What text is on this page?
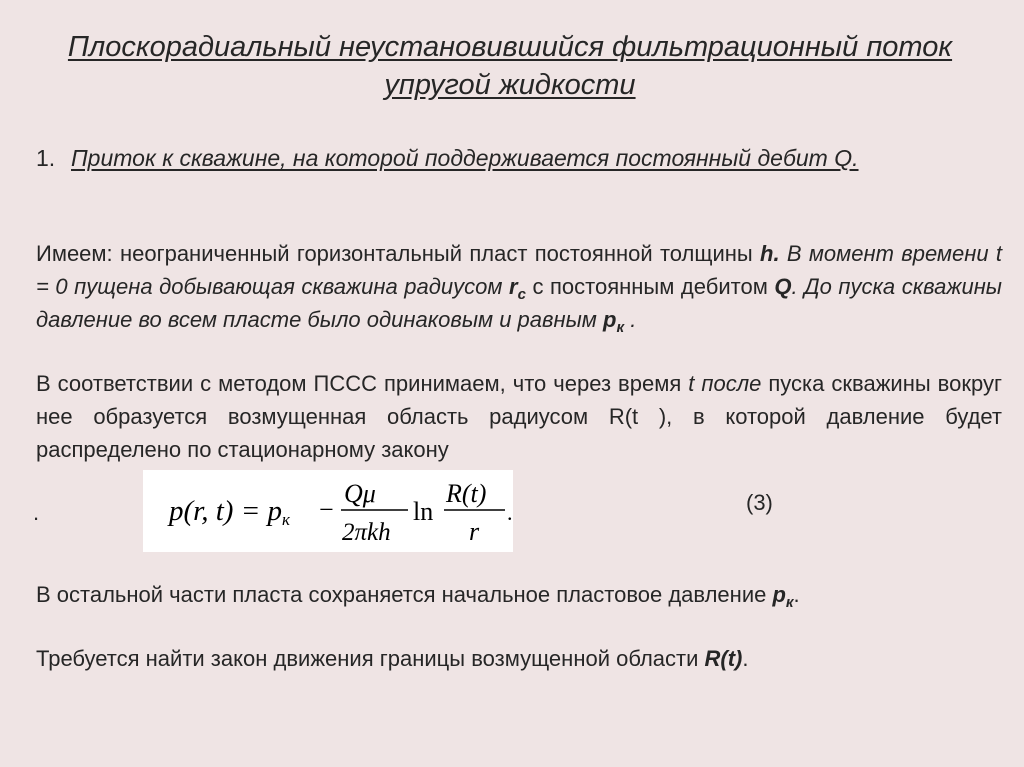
Плоскорадиальный неустановившийся фильтрационный поток упругой жидкости
1. Приток к скважине, на которой поддерживается постоянный дебит Q.
Имеем: неограниченный горизонтальный пласт постоянной толщины h. В момент времени t = 0 пущена добывающая скважина радиусом $r_c$ с постоянным дебитом Q. До пуска скважины давление во всем пласте было одинаковым и равным $p_к$ .
В соответствии с методом ПССС принимаем, что через время t после пуска скважины вокруг нее образуется возмущенная область радиусом R(t ), в которой давление будет распределено по стационарному закону
.	p(r, t) = pк −
Qμ
2πkh
ln
R(t)
r
.	(3)
В остальной части пласта сохраняется начальное пластовое давление $p_к$.
Требуется найти закон движения границы возмущенной области R(t).
